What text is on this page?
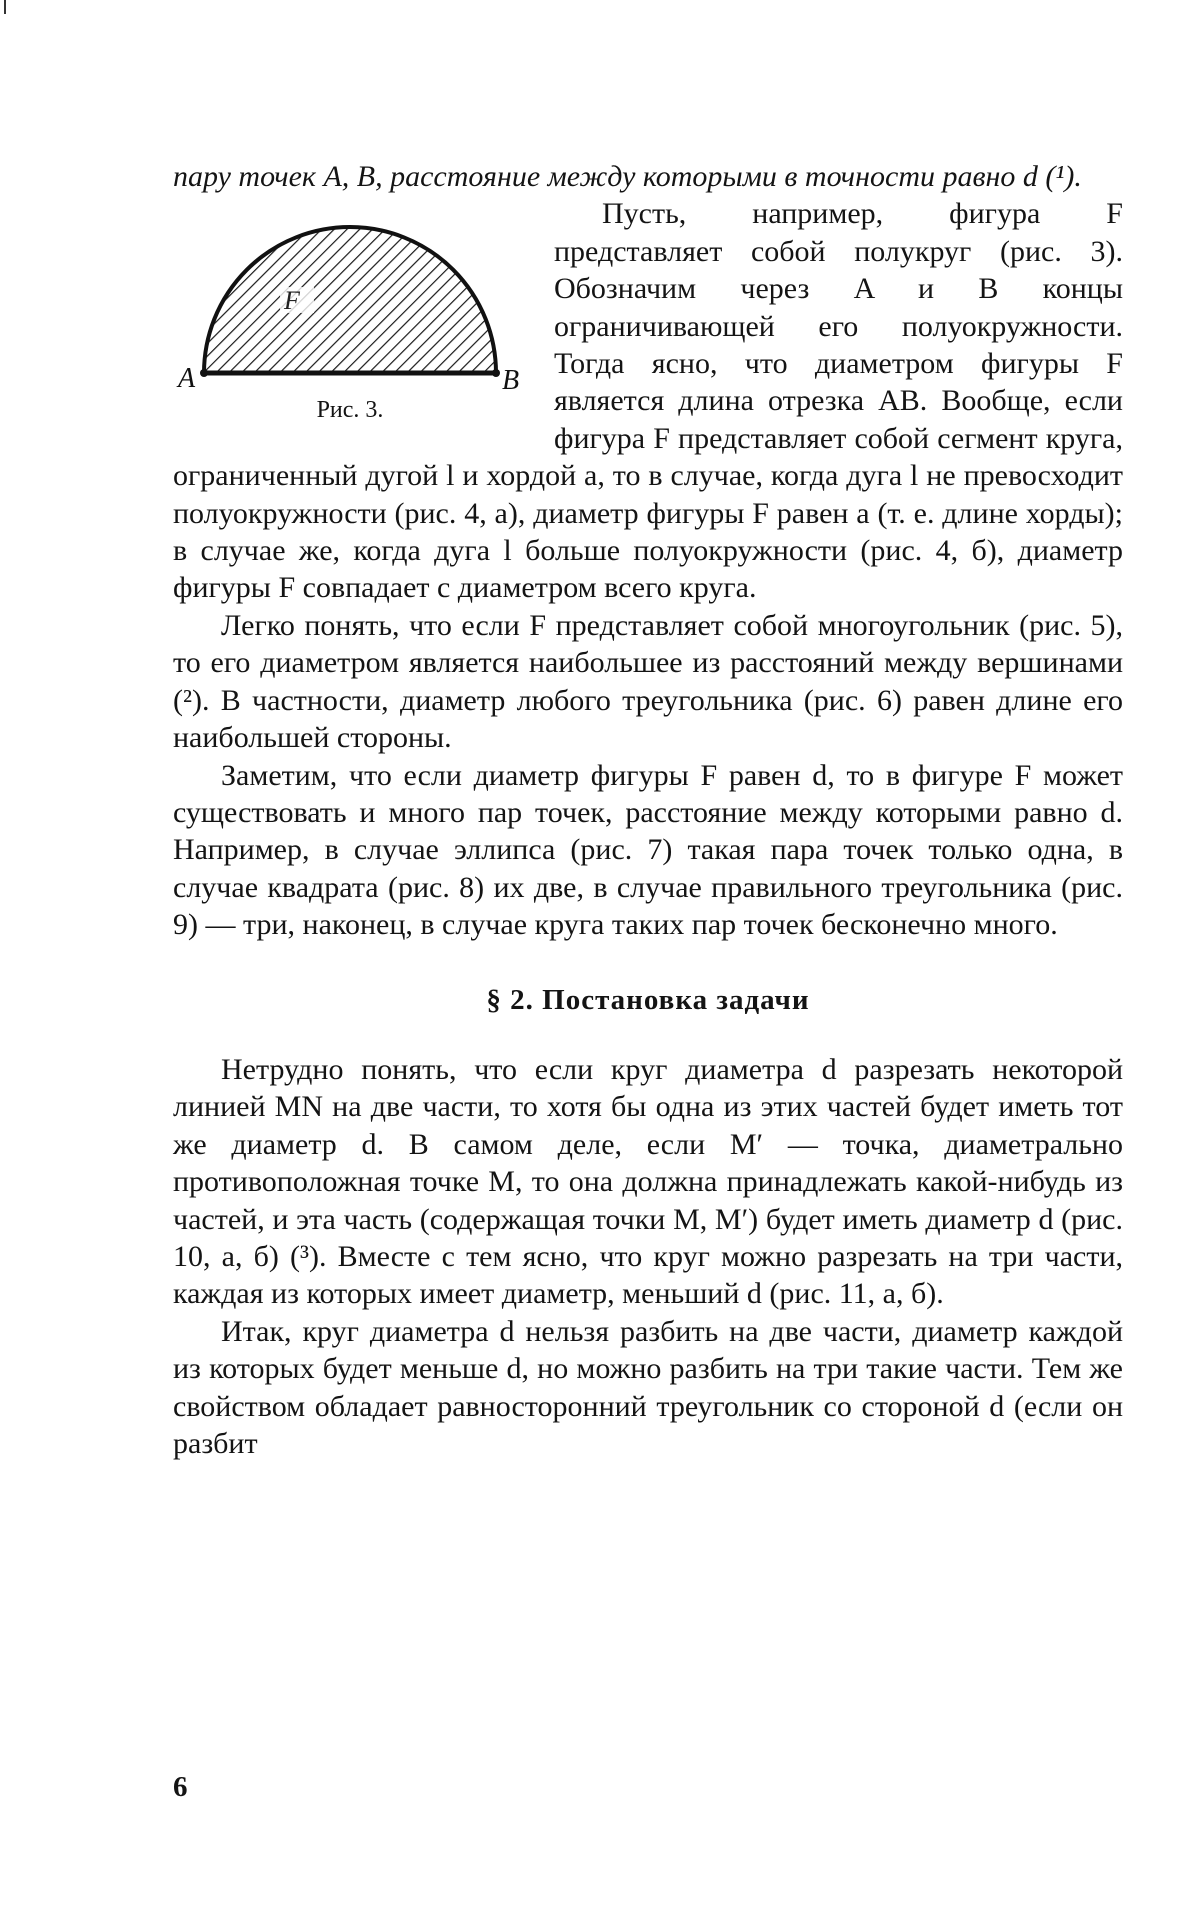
пару точек A, B, расстояние между которыми в точности равно d (¹).

F
A	B
Рис. 3.

Пусть, например, фигура F представляет собой полукруг (рис. 3). Обозначим через A и B концы ограничивающей его полуокружности. Тогда ясно, что диаметром фигуры F является длина отрезка AB. Вообще, если фигура F представляет собой сегмент круга, ограниченный дугой l и хордой a, то в случае, когда дуга l не превосходит полуокружности (рис. 4, a), диаметр фигуры F равен a (т. е. длине хорды); в случае же, когда дуга l больше полуокружности (рис. 4, б), диаметр фигуры F совпадает с диаметром всего круга.

Легко понять, что если F представляет собой многоугольник (рис. 5), то его диаметром является наибольшее из расстояний между вершинами (²). В частности, диаметр любого треугольника (рис. 6) равен длине его наибольшей стороны.

Заметим, что если диаметр фигуры F равен d, то в фигуре F может существовать и много пар точек, расстояние между которыми равно d. Например, в случае эллипса (рис. 7) такая пара точек только одна, в случае квадрата (рис. 8) их две, в случае правильного треугольника (рис. 9) — три, наконец, в случае круга таких пар точек бесконечно много.

§ 2. Постановка задачи

Нетрудно понять, что если круг диаметра d разрезать некоторой линией MN на две части, то хотя бы одна из этих частей будет иметь тот же диаметр d. В самом деле, если M′ — точка, диаметрально противоположная точке M, то она должна принадлежать какой-нибудь из частей, и эта часть (содержащая точки M, M′) будет иметь диаметр d (рис. 10, a, б) (³). Вместе с тем ясно, что круг можно разрезать на три части, каждая из которых имеет диаметр, меньший d (рис. 11, a, б).

Итак, круг диаметра d нельзя разбить на две части, диаметр каждой из которых будет меньше d, но можно разбить на три такие части. Тем же свойством обладает равносторонний треугольник со стороной d (если он разбит

6
